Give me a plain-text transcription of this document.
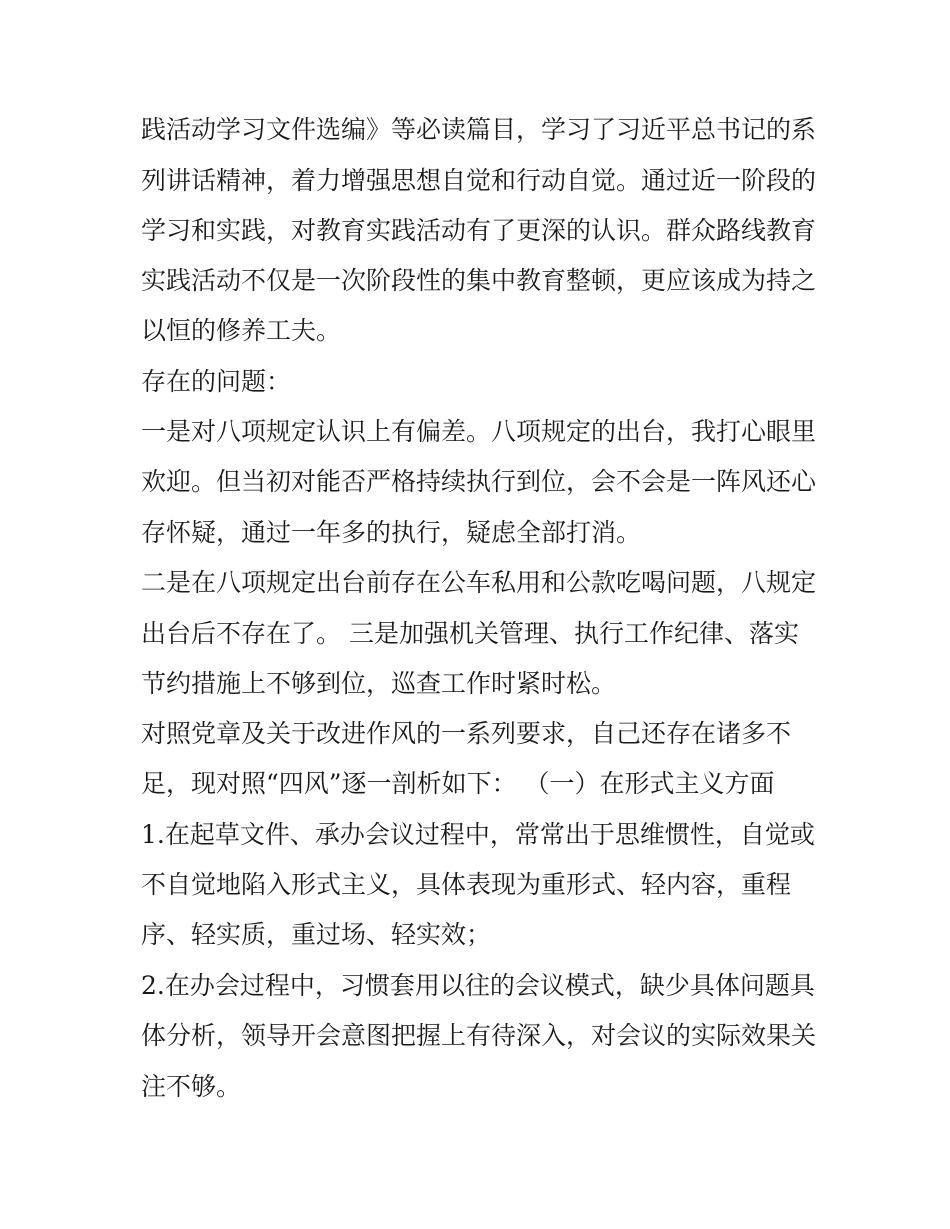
践活动学习文件选编》等必读篇目，学习了习近平总书记的系

列讲话精神，着力增强思想自觉和行动自觉。通过近一阶段的

学习和实践，对教育实践活动有了更深的认识。群众路线教育

实践活动不仅是一次阶段性的集中教育整顿，更应该成为持之

以恒的修养工夫。

存在的问题：

一是对八项规定认识上有偏差。八项规定的出台，我打心眼里

欢迎。但当初对能否严格持续执行到位，会不会是一阵风还心

存怀疑，通过一年多的执行，疑虑全部打消。

二是在八项规定出台前存在公车私用和公款吃喝问题，八规定

出台后不存在了。 三是加强机关管理、执行工作纪律、落实

节约措施上不够到位，巡查工作时紧时松。

对照党章及关于改进作风的一系列要求，自己还存在诸多不

足，现对照“四风”逐一剖析如下： （一）在形式主义方面

1.在起草文件、承办会议过程中，常常出于思维惯性，自觉或

不自觉地陷入形式主义，具体表现为重形式、轻内容，重程

序、轻实质，重过场、轻实效；

2.在办会过程中，习惯套用以往的会议模式，缺少具体问题具

体分析，领导开会意图把握上有待深入，对会议的实际效果关

注不够。
